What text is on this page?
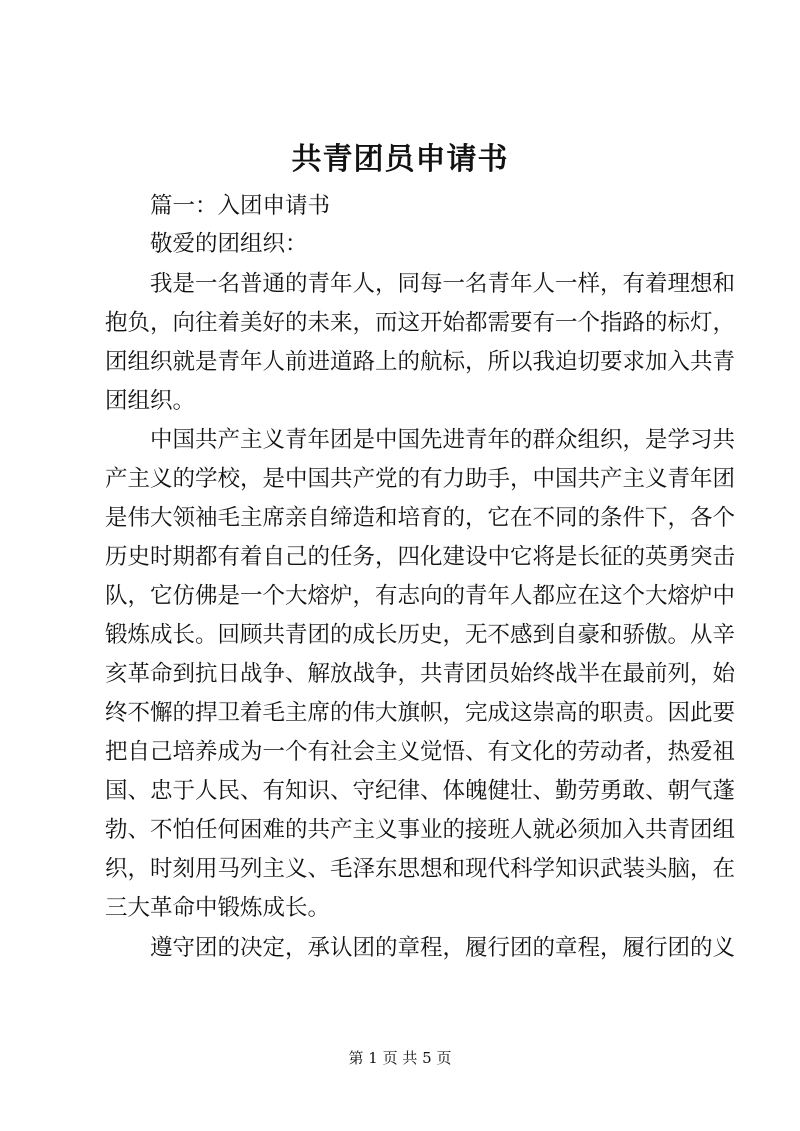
共青团员申请书
篇一：入团申请书
敬爱的团组织：
我是一名普通的青年人，同每一名青年人一样，有着理想和
抱负，向往着美好的未来，而这开始都需要有一个指路的标灯，
团组织就是青年人前进道路上的航标，所以我迫切要求加入共青
团组织。
中国共产主义青年团是中国先进青年的群众组织，是学习共
产主义的学校，是中国共产党的有力助手，中国共产主义青年团
是伟大领袖毛主席亲自缔造和培育的，它在不同的条件下，各个
历史时期都有着自己的任务，四化建设中它将是长征的英勇突击
队，它仿佛是一个大熔炉，有志向的青年人都应在这个大熔炉中
锻炼成长。回顾共青团的成长历史，无不感到自豪和骄傲。从辛
亥革命到抗日战争、解放战争，共青团员始终战半在最前列，始
终不懈的捍卫着毛主席的伟大旗帜，完成这崇高的职责。因此要
把自己培养成为一个有社会主义觉悟、有文化的劳动者，热爱祖
国、忠于人民、有知识、守纪律、体魄健壮、勤劳勇敢、朝气蓬
勃、不怕任何困难的共产主义事业的接班人就必须加入共青团组
织，时刻用马列主义、毛泽东思想和现代科学知识武装头脑，在
三大革命中锻炼成长。
遵守团的决定，承认团的章程，履行团的章程，履行团的义
第 1 页 共 5 页
